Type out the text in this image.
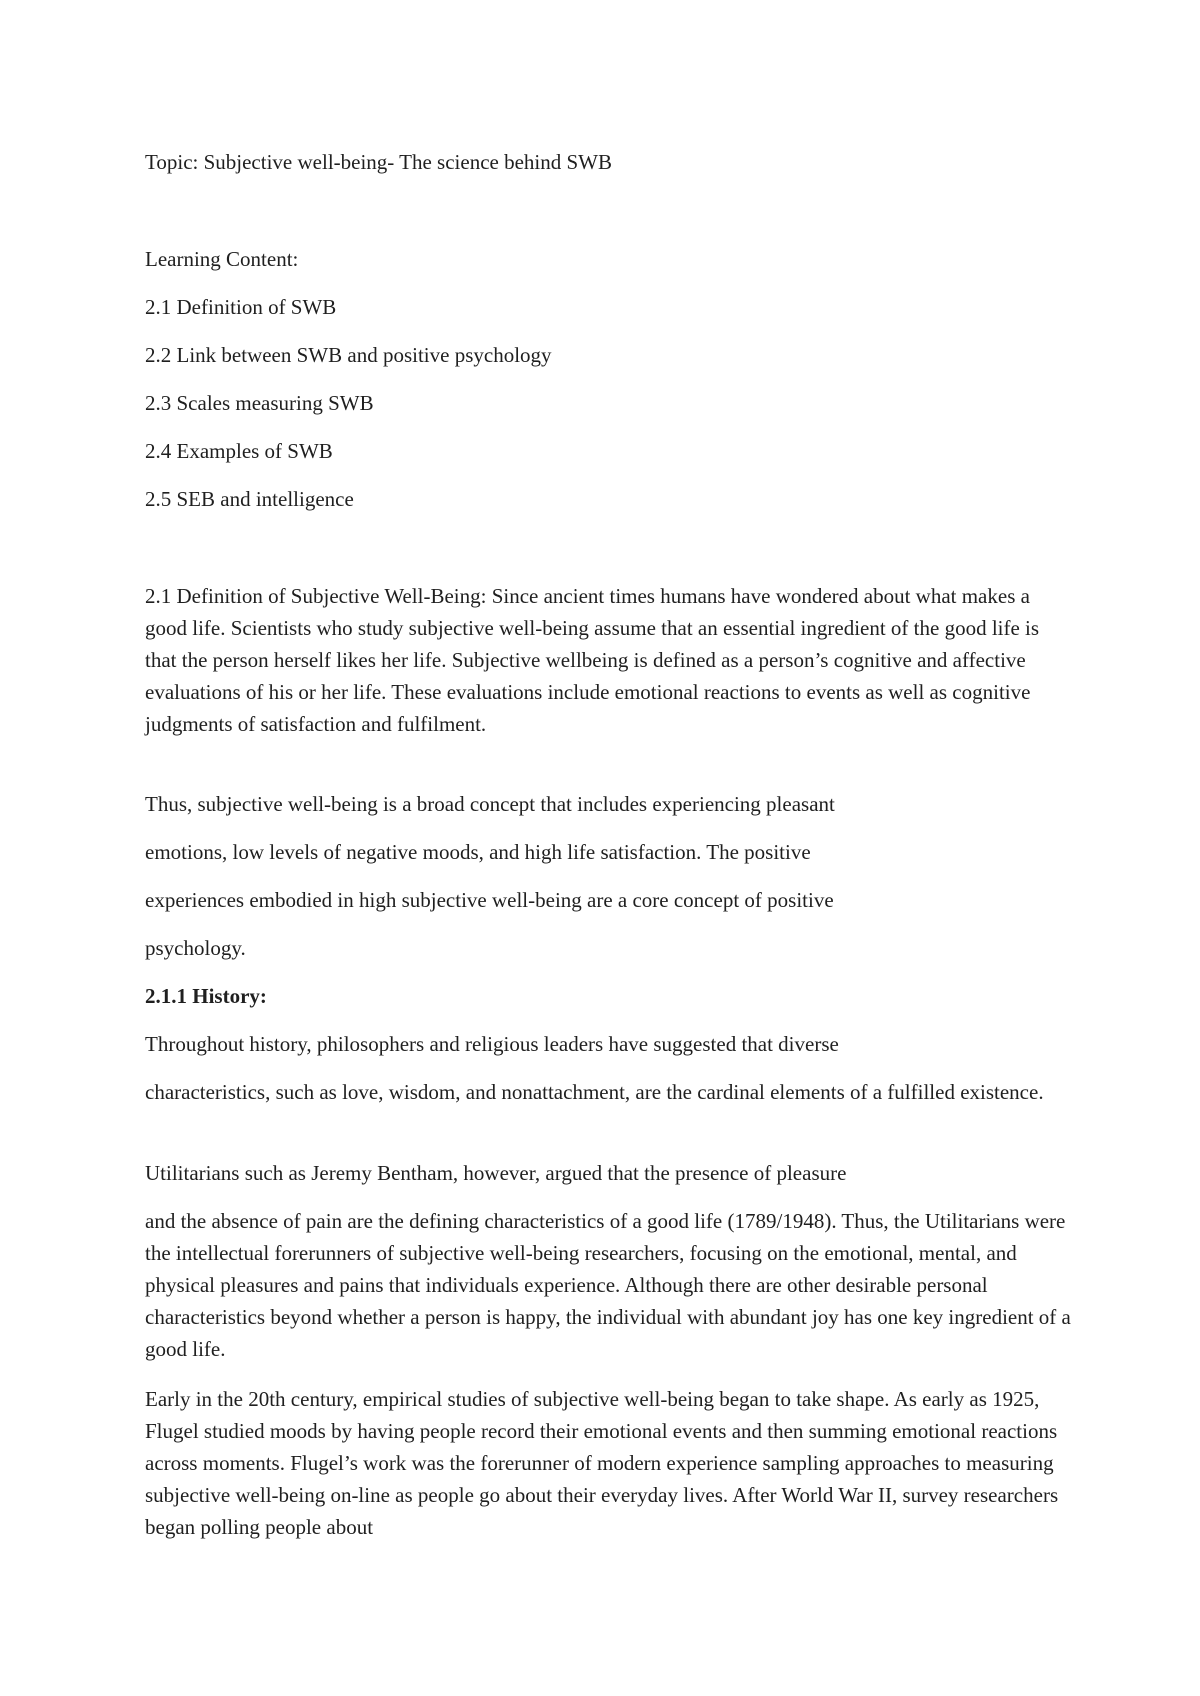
Topic: Subjective well-being- The science behind SWB

Learning Content:

2.1 Definition of SWB

2.2 Link between SWB and positive psychology

2.3 Scales measuring SWB

2.4 Examples of SWB

2.5 SEB and intelligence

2.1 Definition of Subjective Well-Being: Since ancient times humans have wondered about what makes a good life. Scientists who study subjective well-being assume that an essential ingredient of the good life is that the person herself likes her life. Subjective wellbeing is defined as a person’s cognitive and affective evaluations of his or her life. These evaluations include emotional reactions to events as well as cognitive judgments of satisfaction and fulfilment.

Thus, subjective well-being is a broad concept that includes experiencing pleasant

emotions, low levels of negative moods, and high life satisfaction. The positive

experiences embodied in high subjective well-being are a core concept of positive

psychology.

2.1.1 History:

Throughout history, philosophers and religious leaders have suggested that diverse

characteristics, such as love, wisdom, and nonattachment, are the cardinal elements of a fulfilled existence.

Utilitarians such as Jeremy Bentham, however, argued that the presence of pleasure

and the absence of pain are the defining characteristics of a good life (1789/1948). Thus, the Utilitarians were the intellectual forerunners of subjective well-being researchers, focusing on the emotional, mental, and physical pleasures and pains that individuals experience. Although there are other desirable personal characteristics beyond whether a person is happy, the individual with abundant joy has one key ingredient of a good life.

Early in the 20th century, empirical studies of subjective well-being began to take shape. As early as 1925, Flugel studied moods by having people record their emotional events and then summing emotional reactions across moments. Flugel’s work was the forerunner of modern experience sampling approaches to measuring subjective well-being on-line as people go about their everyday lives. After World War II, survey researchers began polling people about
